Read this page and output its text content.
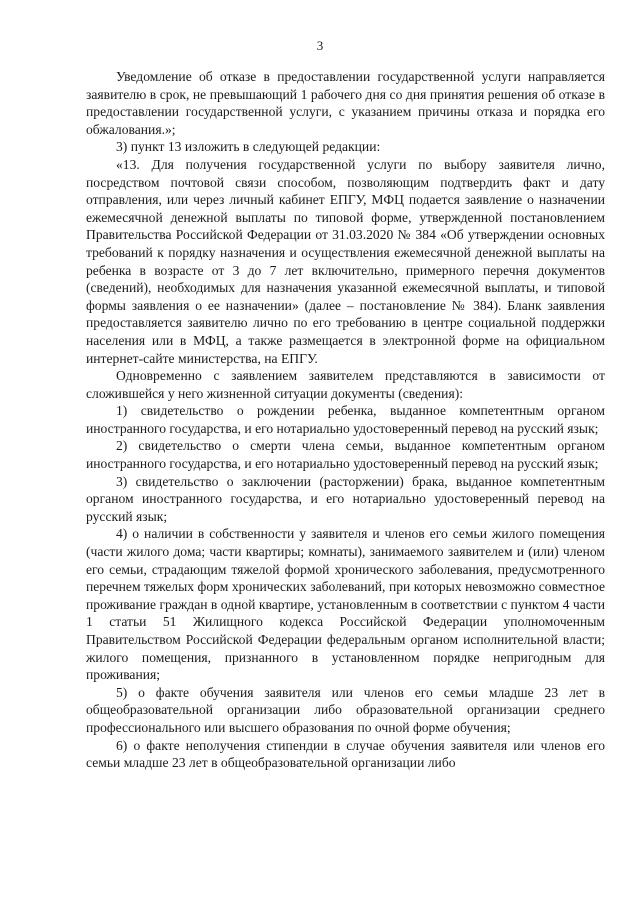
3

Уведомление об отказе в предоставлении государственной услуги направляется заявителю в срок, не превышающий 1 рабочего дня со дня принятия решения об отказе в предоставлении государственной услуги, с указанием причины отказа и порядка его обжалования.»;

3) пункт 13 изложить в следующей редакции:

«13. Для получения государственной услуги по выбору заявителя лично, посредством почтовой связи способом, позволяющим подтвердить факт и дату отправления, или через личный кабинет ЕПГУ, МФЦ подается заявление о назначении ежемесячной денежной выплаты по типовой форме, утвержденной постановлением Правительства Российской Федерации от 31.03.2020 № 384 «Об утверждении основных требований к порядку назначения и осуществления ежемесячной денежной выплаты на ребенка в возрасте от 3 до 7 лет включительно, примерного перечня документов (сведений), необходимых для назначения указанной ежемесячной выплаты, и типовой формы заявления о ее назначении» (далее – постановление № 384). Бланк заявления предоставляется заявителю лично по его требованию в центре социальной поддержки населения или в МФЦ, а также размещается в электронной форме на официальном интернет-сайте министерства, на ЕПГУ.

Одновременно с заявлением заявителем представляются в зависимости от сложившейся у него жизненной ситуации документы (сведения):

1) свидетельство о рождении ребенка, выданное компетентным органом иностранного государства, и его нотариально удостоверенный перевод на русский язык;

2) свидетельство о смерти члена семьи, выданное компетентным органом иностранного государства, и его нотариально удостоверенный перевод на русский язык;

3) свидетельство о заключении (расторжении) брака, выданное компетентным органом иностранного государства, и его нотариально удостоверенный перевод на русский язык;

4) о наличии в собственности у заявителя и членов его семьи жилого помещения (части жилого дома; части квартиры; комнаты), занимаемого заявителем и (или) членом его семьи, страдающим тяжелой формой хронического заболевания, предусмотренного перечнем тяжелых форм хронических заболеваний, при которых невозможно совместное проживание граждан в одной квартире, установленным в соответствии с пунктом 4 части 1 статьи 51 Жилищного кодекса Российской Федерации уполномоченным Правительством Российской Федерации федеральным органом исполнительной власти; жилого помещения, признанного в установленном порядке непригодным для проживания;

5) о факте обучения заявителя или членов его семьи младше 23 лет в общеобразовательной организации либо образовательной организации среднего профессионального или высшего образования по очной форме обучения;

6) о факте неполучения стипендии в случае обучения заявителя или членов его семьи младше 23 лет в общеобразовательной организации либо
